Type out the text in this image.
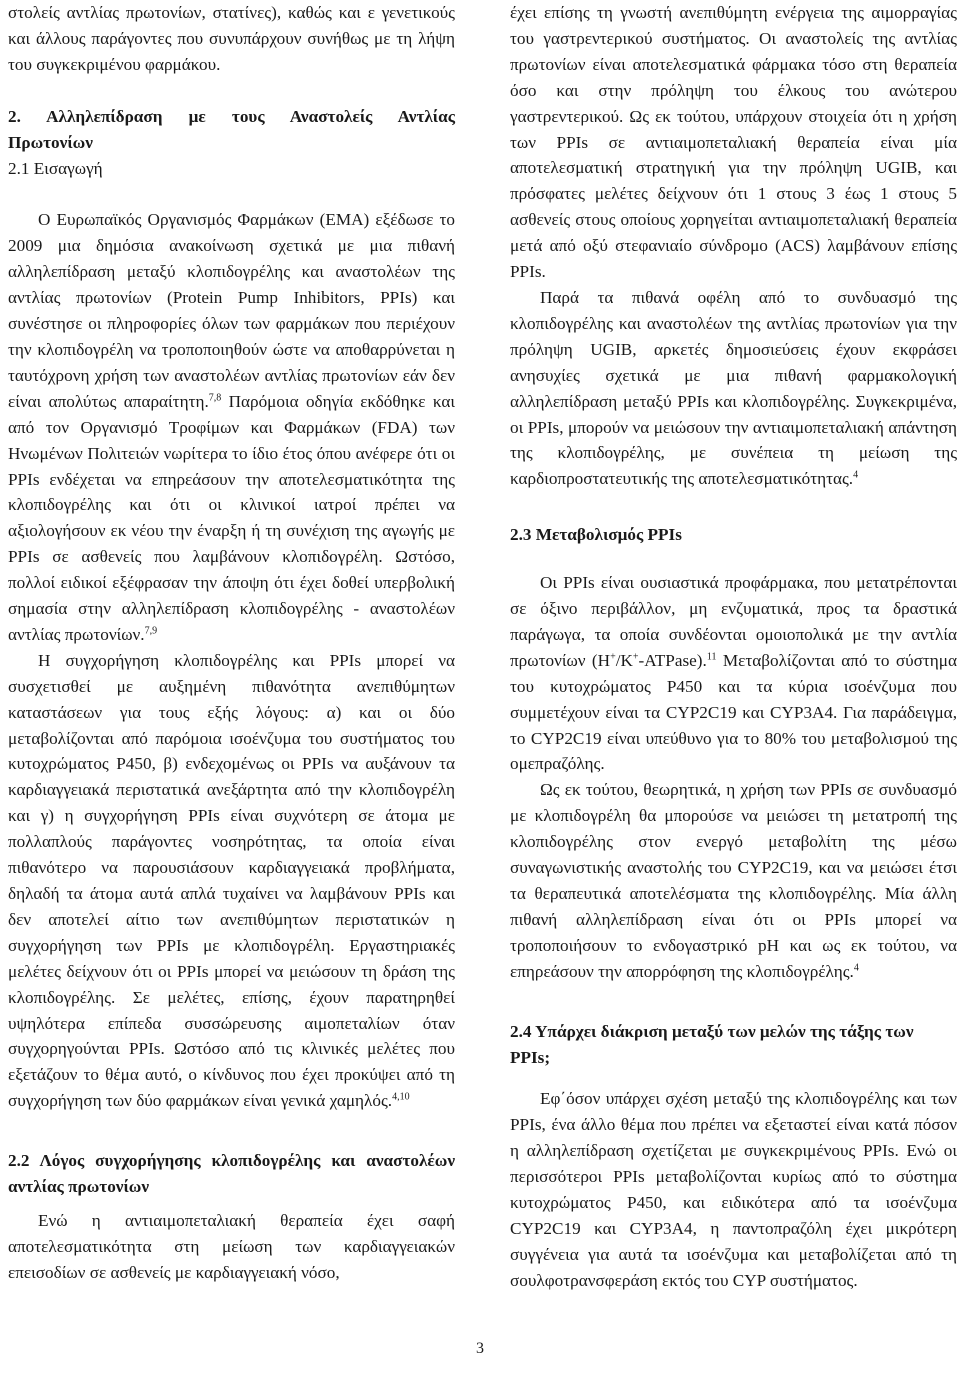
στολείς αντλίας πρωτονίων, στατίνες), καθώς και ε γενετικούς και άλλους παράγοντες που συνυπάρχουν συνήθως με τη λήψη του συγκεκριμένου φαρμάκου.

2. Αλληλεπίδραση με τους Αναστολείς Αντλίας

Πρωτονίων

2.1 Εισαγωγή

Ο Ευρωπαϊκός Οργανισμός Φαρμάκων (ΕΜΑ) εξέδωσε το 2009 μια δημόσια ανακοίνωση σχετικά με μια πιθανή αλληλεπίδραση μεταξύ κλοπιδογρέλης και αναστολέων της αντλίας πρωτονίων (Protein Pump Inhibitors, PPIs) και συνέστησε οι πληροφορίες όλων των φαρμάκων που περιέχουν την κλοπιδογρέλη να τροποποιηθούν ώστε να αποθαρρύνεται η ταυτόχρονη χρήση των αναστολέων αντλίας πρωτονίων εάν δεν είναι απολύτως απαραίτητη.$^{7,8}$ Παρόμοια οδηγία εκδόθηκε και από τον Οργανισμό Τροφίμων και Φαρμάκων (FDA) των Ηνωμένων Πολιτειών νωρίτερα το ίδιο έτος όπου ανέφερε ότι οι PPIs ενδέχεται να επηρεάσουν την αποτελεσματικότητα της κλοπιδογρέλης και ότι οι κλινικοί ιατροί πρέπει να αξιολογήσουν εκ νέου την έναρξη ή τη συνέχιση της αγωγής με PPIs σε ασθενείς που λαμβάνουν κλοπιδογρέλη. Ωστόσο, πολλοί ειδικοί εξέφρασαν την άποψη ότι έχει δοθεί υπερβολική σημασία στην αλληλεπίδραση κλοπιδογρέλης - αναστολέων αντλίας πρωτονίων.$^{7,9}$

Η συγχορήγηση κλοπιδογρέλης και PPIs μπορεί να συσχετισθεί με αυξημένη πιθανότητα ανεπιθύμητων καταστάσεων για τους εξής λόγους: α) και οι δύο μεταβολίζονται από παρόμοια ισοένζυμα του συστήματος του κυτοχρώματος P450, β) ενδεχομένως οι PPIs να αυξάνουν τα καρδιαγγειακά περιστατικά ανεξάρτητα από την κλοπιδογρέλη και γ) η συγχορήγηση PPIs είναι συχνότερη σε άτομα με πολλαπλούς παράγοντες νοσηρότητας, τα οποία είναι πιθανότερο να παρουσιάσουν καρδιαγγειακά προβλήματα, δηλαδή τα άτομα αυτά απλά τυχαίνει να λαμβάνουν PPIs και δεν αποτελεί αίτιο των ανεπιθύμητων περιστατικών η συγχορήγηση των PPIs με κλοπιδογρέλη. Εργαστηριακές μελέτες δείχνουν ότι οι PPIs μπορεί να μειώσουν τη δράση της κλοπιδογρέλης. Σε μελέτες, επίσης, έχουν παρατηρηθεί υψηλότερα επίπεδα συσσώρευσης αιμοπεταλίων όταν συγχορηγούνται PPIs. Ωστόσο από τις κλινικές μελέτες που εξετάζουν το θέμα αυτό, ο κίνδυνος που έχει προκύψει από τη συγχορήγηση των δύο φαρμάκων είναι γενικά χαμηλός.$^{4,10}$

2.2 Λόγος συγχορήγησης κλοπιδογρέλης και αναστολέων αντλίας πρωτονίων

Ενώ η αντιαιμοπεταλιακή θεραπεία έχει σαφή αποτελεσματικότητα στη μείωση των καρδιαγγειακών επεισοδίων σε ασθενείς με καρδιαγγειακή νόσο,

έχει επίσης τη γνωστή ανεπιθύμητη ενέργεια της αιμορραγίας του γαστρεντερικού συστήματος. Οι αναστολείς της αντλίας πρωτονίων είναι αποτελεσματικά φάρμακα τόσο στη θεραπεία όσο και στην πρόληψη του έλκους του ανώτερου γαστρεντερικού. Ως εκ τούτου, υπάρχουν στοιχεία ότι η χρήση των PPIs σε αντιαιμοπεταλιακή θεραπεία είναι μία αποτελεσματική στρατηγική για την πρόληψη UGIB, και πρόσφατες μελέτες δείχνουν ότι 1 στους 3 έως 1 στους 5 ασθενείς στους οποίους χορηγείται αντιαιμοπεταλιακή θεραπεία μετά από οξύ στεφανιαίο σύνδρομο (ACS) λαμβάνουν επίσης PPIs.

Παρά τα πιθανά οφέλη από το συνδυασμό της κλοπιδογρέλης και αναστολέων της αντλίας πρωτονίων για την πρόληψη UGIB, αρκετές δημοσιεύσεις έχουν εκφράσει ανησυχίες σχετικά με μια πιθανή φαρμακολογική αλληλεπίδραση μεταξύ PPIs και κλοπιδογρέλης. Συγκεκριμένα, οι PPIs, μπορούν να μειώσουν την αντιαιμοπεταλιακή απάντηση της κλοπιδογρέλης, με συνέπεια τη μείωση της καρδιοπροστατευτικής της αποτελεσματικότητας.$^4$

2.3 Μεταβολισμός PPIs

Οι PPIs είναι ουσιαστικά προφάρμακα, που μετατρέπονται σε όξινο περιβάλλον, μη ενζυματικά, προς τα δραστικά παράγωγα, τα οποία συνδέονται ομοιοπολικά με την αντλία πρωτονίων (H+/K+-ATPase).$^{11}$ Μεταβολίζονται από το σύστημα του κυτοχρώματος P450 και τα κύρια ισοένζυμα που συμμετέχουν είναι τα CYP2C19 και CYP3A4. Για παράδειγμα, το CYP2C19 είναι υπεύθυνο για το 80% του μεταβολισμού της ομεπραζόλης.

Ως εκ τούτου, θεωρητικά, η χρήση των PPIs σε συνδυασμό με κλοπιδογρέλη θα μπορούσε να μειώσει τη μετατροπή της κλοπιδογρέλης στον ενεργό μεταβολίτη της μέσω συναγωνιστικής αναστολής του CYP2C19, και να μειώσει έτσι τα θεραπευτικά αποτελέσματα της κλοπιδογρέλης. Μία άλλη πιθανή αλληλεπίδραση είναι ότι οι PPIs μπορεί να τροποποιήσουν το ενδογαστρικό pH και ως εκ τούτου, να επηρεάσουν την απορρόφηση της κλοπιδογρέλης.$^4$

2.4 Υπάρχει διάκριση μεταξύ των μελών της τάξης των PPIs;

Εφ΄όσον υπάρχει σχέση μεταξύ της κλοπιδογρέλης και των PPIs, ένα άλλο θέμα που πρέπει να εξεταστεί είναι κατά πόσον η αλληλεπίδραση σχετίζεται με συγκεκριμένους PPIs. Ενώ οι περισσότεροι PPIs μεταβολίζονται κυρίως από το σύστημα κυτοχρώματος P450, και ειδικότερα από τα ισοένζυμα CYP2C19 και CYP3A4, η παντοπραζόλη έχει μικρότερη συγγένεια για αυτά τα ισοένζυμα και μεταβολίζεται από τη σουλφοτρανσφεράση εκτός του CYP συστήματος.

3
